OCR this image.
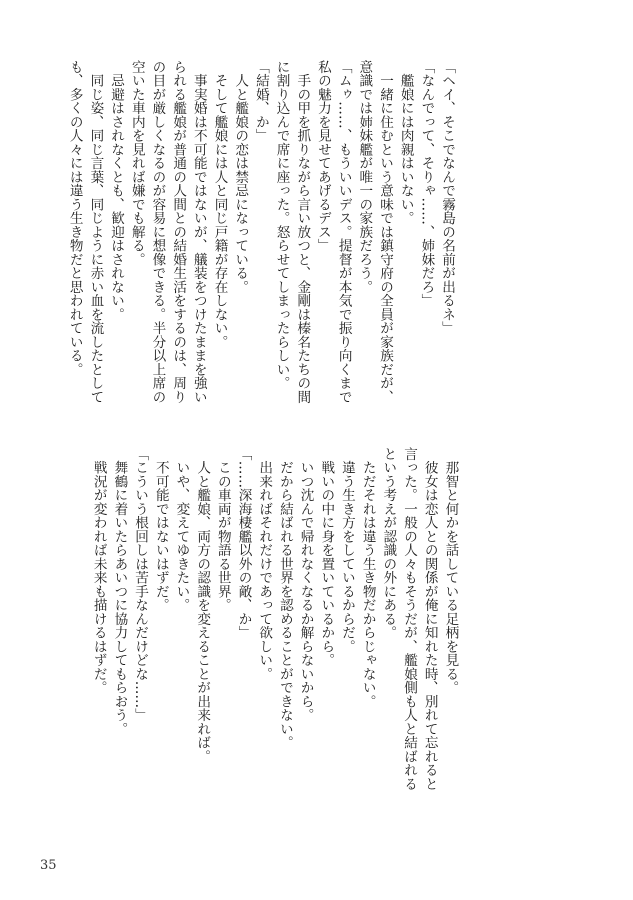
「ヘイ、そこでなんで霧島の名前が出るネ」
「なんでって、そりゃ……、姉妹だろ」
　艦娘には肉親はいない。
　一緒に住むという意味では鎮守府の全員が家族だが、
意識では姉妹艦が唯一の家族だろう。
「ムゥ……、もういいデス。提督が本気で振り向くまで
私の魅力を見せてあげるデス」
　手の甲を抓りながら言い放つと、金剛は榛名たちの間
に割り込んで席に座った。怒らせてしまったらしい。
「結婚、か」
　人と艦娘の恋は禁忌になっている。
　そして艦娘には人と同じ戸籍が存在しない。
　事実婚は不可能ではないが、艤装をつけたままを強い
られる艦娘が普通の人間との結婚生活をするのは、周り
の目が厳しくなるのが容易に想像できる。半分以上席の
空いた車内を見れば嫌でも解る。
　忌避はされなくとも、歓迎はされない。
　同じ姿、同じ言葉、同じように赤い血を流したとして
も、多くの人々には違う生き物だと思われている。
　那智と何かを話している足柄を見る。
　彼女は恋人との関係が俺に知れた時、別れて忘れると
言った。一般の人々もそうだが、艦娘側も人と結ばれる
という考えが認識の外にある。
　ただそれは違う生き物だからじゃない。
　違う生き方をしているからだ。
　戦いの中に身を置いているから。
　いつ沈んで帰れなくなるか解らないから。
　だから結ばれる世界を認めることができない。
　出来ればそれだけであって欲しい。
「……深海棲艦以外の敵、か」
　この車両が物語る世界。
　人と艦娘、両方の認識を変えることが出来れば。
　いや、変えてゆきたい。
　不可能ではないはずだ。
「こういう根回しは苦手なんだけどな……」
　舞鶴に着いたらあいつに協力してもらおう。
　戦況が変われば未来も描けるはずだ。
35
